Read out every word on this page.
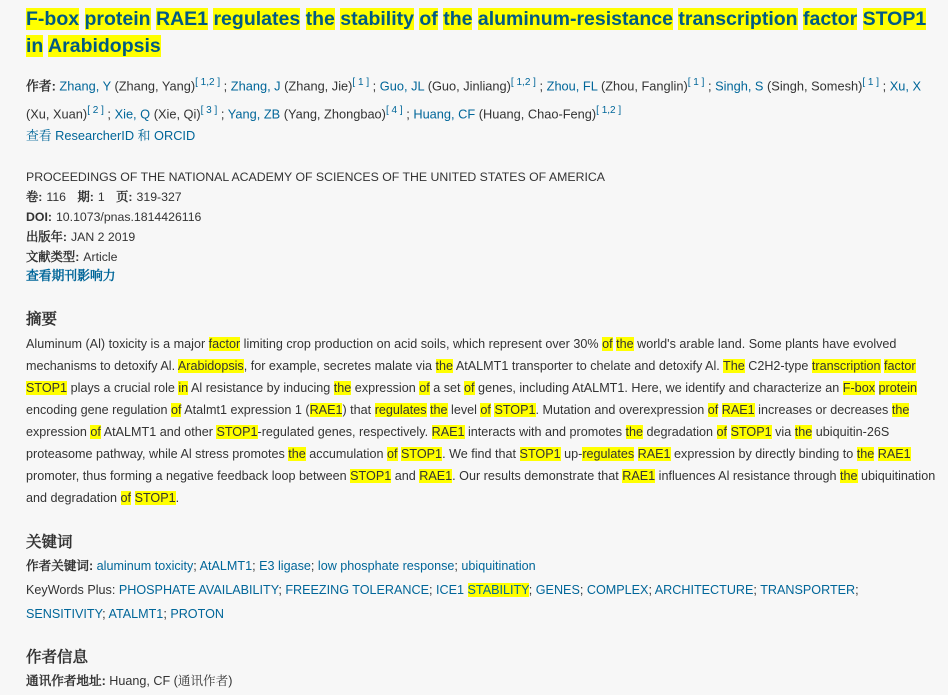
F-box protein RAE1 regulates the stability of the aluminum-resistance transcription factor STOP1 in Arabidopsis
作者: Zhang, Y (Zhang, Yang)[ 1,2 ] ; Zhang, J (Zhang, Jie)[ 1 ] ; Guo, JL (Guo, Jinliang)[ 1,2 ] ; Zhou, FL (Zhou, Fanglin)[ 1 ] ; Singh, S (Singh, Somesh)[ 1 ] ; Xu, X (Xu, Xuan)[ 2 ] ; Xie, Q (Xie, Qi)[ 3 ] ; Yang, ZB (Yang, Zhongbao)[ 4 ] ; Huang, CF (Huang, Chao-Feng)[ 1,2 ]
查看 ResearcherID 和 ORCID
PROCEEDINGS OF THE NATIONAL ACADEMY OF SCIENCES OF THE UNITED STATES OF AMERICA
卷: 116 期: 1 页: 319-327
DOI: 10.1073/pnas.1814426116
出版年: JAN 2 2019
文献类型: Article
查看期刊影响力
摘要
Aluminum (Al) toxicity is a major factor limiting crop production on acid soils, which represent over 30% of the world's arable land. Some plants have evolved mechanisms to detoxify Al. Arabidopsis, for example, secretes malate via the AtALMT1 transporter to chelate and detoxify Al. The C2H2-type transcription factor STOP1 plays a crucial role in Al resistance by inducing the expression of a set of genes, including AtALMT1. Here, we identify and characterize an F-box protein encoding gene regulation of Atalmt1 expression 1 (RAE1) that regulates the level of STOP1. Mutation and overexpression of RAE1 increases or decreases the expression of AtALMT1 and other STOP1-regulated genes, respectively. RAE1 interacts with and promotes the degradation of STOP1 via the ubiquitin-26S proteasome pathway, while Al stress promotes the accumulation of STOP1. We find that STOP1 up-regulates RAE1 expression by directly binding to the RAE1 promoter, thus forming a negative feedback loop between STOP1 and RAE1. Our results demonstrate that RAE1 influences Al resistance through the ubiquitination and degradation of STOP1.
关键词
作者关键词: aluminum toxicity; AtALMT1; E3 ligase; low phosphate response; ubiquitination
KeyWords Plus: PHOSPHATE AVAILABILITY; FREEZING TOLERANCE; ICE1 STABILITY; GENES; COMPLEX; ARCHITECTURE; TRANSPORTER; SENSITIVITY; ATALMT1; PROTON
作者信息
通讯作者地址: Huang, CF (通讯作者)
